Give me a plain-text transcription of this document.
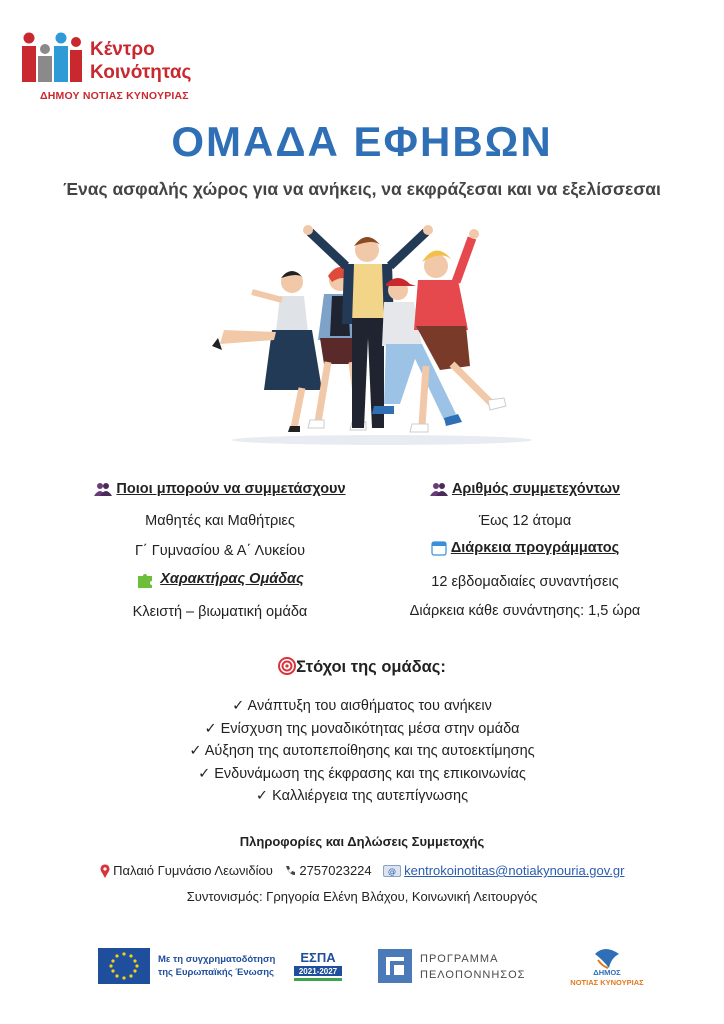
Κέντρο
Κοινότητας
ΔΗΜΟΥ ΝΟΤΙΑΣ ΚΥΝΟΥΡΙΑΣ
ΟΜΑΔΑ ΕΦΗΒΩΝ
Ένας ασφαλής χώρος για να ανήκεις, να εκφράζεσαι και να εξελίσσεσαι
Ποιοι μπορούν να συμμετάσχουν
Μαθητές και Μαθήτριες
Γ΄ Γυμνασίου & Α΄ Λυκείου
Χαρακτήρας Ομάδας
Κλειστή – βιωματική ομάδα
Αριθμός συμμετεχόντων
Έως 12 άτομα
Διάρκεια προγράμματος
12 εβδομαδιαίες συναντήσεις
Διάρκεια κάθε συνάντησης: 1,5 ώρα
Στόχοι της ομάδας:
✓ Ανάπτυξη του αισθήματος του ανήκειν
✓ Ενίσχυση της μοναδικότητας μέσα στην ομάδα
✓ Αύξηση της αυτοπεποίθησης και της αυτοεκτίμησης
✓ Ενδυνάμωση της έκφρασης και της επικοινωνίας
✓ Καλλιέργεια της αυτεπίγνωσης
Πληροφορίες και Δηλώσεις Συμμετοχής
Παλαιό Γυμνάσιο Λεωνιδίου 2757023224 @ kentrokoinotitas@notiakynouria.gov.gr
Συντονισμός: Γρηγορία Ελένη Βλάχου, Κοινωνική Λειτουργός
Με τη συγχρηματοδότηση
της Ευρωπαϊκής Ένωσης
ΕΣΠΑ
2021-2027
ΠΡΟΓΡΑΜΜΑ
ΠΕΛΟΠΟΝΝΗΣΟΣ	ΔΗΜΟΣ
ΝΟΤΙΑΣ ΚΥΝΟΥΡΙΑΣ
